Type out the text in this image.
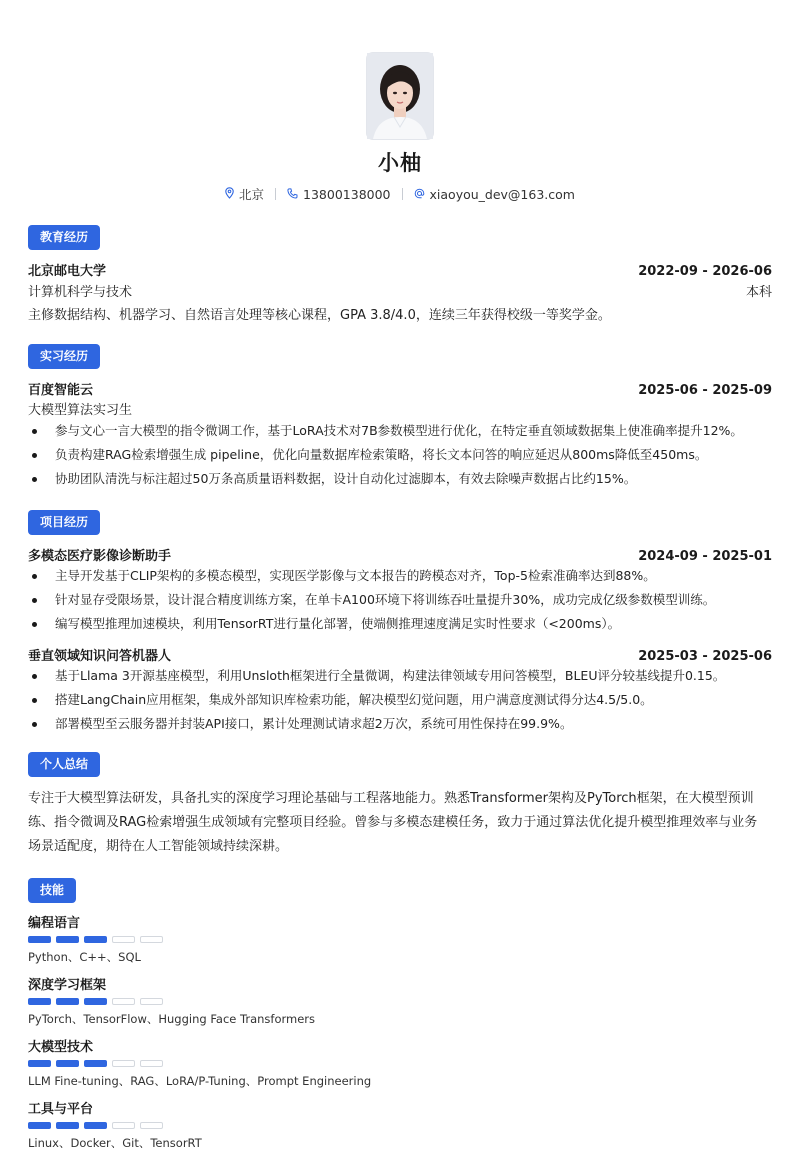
小柚
北京	13800138000	xiaoyou_dev@163.com
教育经历
北京邮电大学	2022-09 - 2026-06
计算机科学与技术	本科
主修数据结构、机器学习、自然语言处理等核心课程，GPA 3.8/4.0，连续三年获得校级一等奖学金。
实习经历
百度智能云	2025-06 - 2025-09
大模型算法实习生
参与文心一言大模型的指令微调工作，基于LoRA技术对7B参数模型进行优化，在特定垂直领域数据集上使准确率提升12%。
负责构建RAG检索增强生成 pipeline，优化向量数据库检索策略，将长文本问答的响应延迟从800ms降低至450ms。
协助团队清洗与标注超过50万条高质量语料数据，设计自动化过滤脚本，有效去除噪声数据占比约15%。
项目经历
多模态医疗影像诊断助手	2024-09 - 2025-01
主导开发基于CLIP架构的多模态模型，实现医学影像与文本报告的跨模态对齐，Top-5检索准确率达到88%。
针对显存受限场景，设计混合精度训练方案，在单卡A100环境下将训练吞吐量提升30%，成功完成亿级参数模型训练。
编写模型推理加速模块，利用TensorRT进行量化部署，使端侧推理速度满足实时性要求（<200ms）。
垂直领域知识问答机器人	2025-03 - 2025-06
基于Llama 3开源基座模型，利用Unsloth框架进行全量微调，构建法律领域专用问答模型，BLEU评分较基线提升0.15。
搭建LangChain应用框架，集成外部知识库检索功能，解决模型幻觉问题，用户满意度测试得分达4.5/5.0。
部署模型至云服务器并封装API接口，累计处理测试请求超2万次，系统可用性保持在99.9%。
个人总结
专注于大模型算法研发，具备扎实的深度学习理论基础与工程落地能力。熟悉Transformer架构及PyTorch框架，在大模型预训
练、指令微调及RAG检索增强生成领域有完整项目经验。曾参与多模态建模任务，致力于通过算法优化提升模型推理效率与业务
场景适配度，期待在人工智能领域持续深耕。
技能
编程语言
Python、C++、SQL
深度学习框架
PyTorch、TensorFlow、Hugging Face Transformers
大模型技术
LLM Fine-tuning、RAG、LoRA/P-Tuning、Prompt Engineering
工具与平台
Linux、Docker、Git、TensorRT
